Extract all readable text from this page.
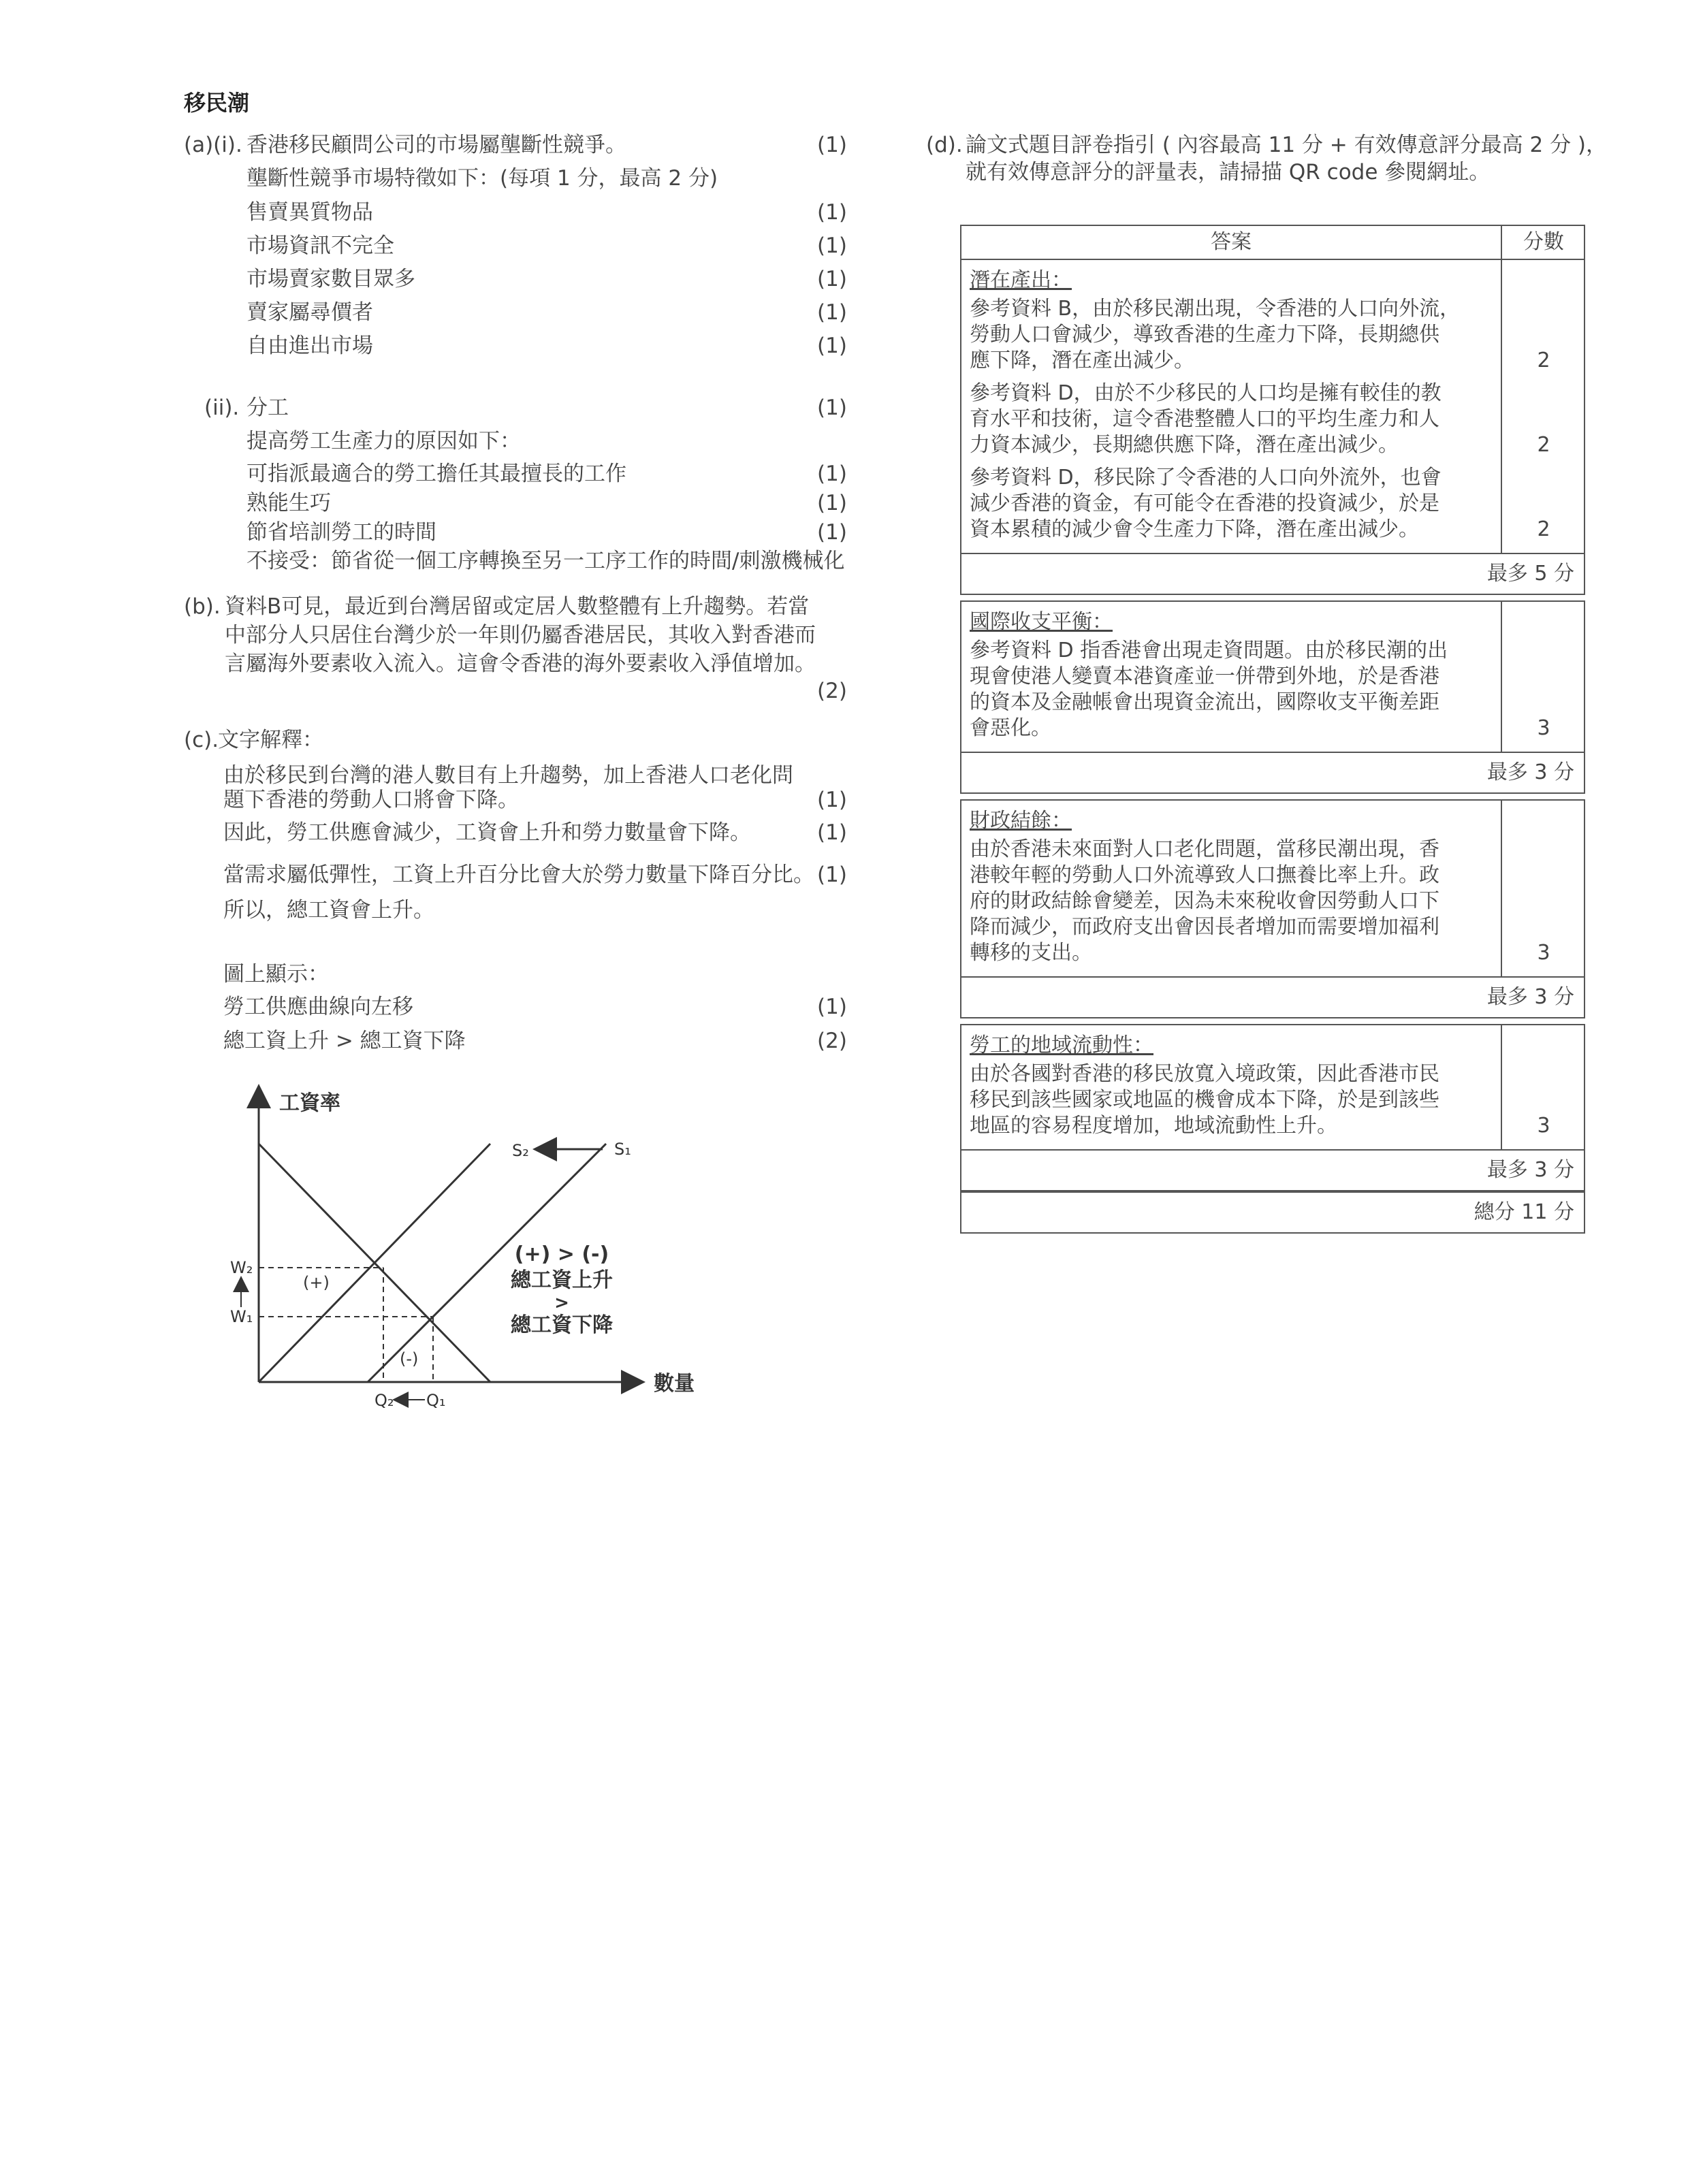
移民潮
(a)(i). 香港移民顧問公司的市場屬壟斷性競爭。	(1)
壟斷性競爭市場特徵如下：(每項 1 分，最高 2 分)
售賣異質物品	(1)
市場資訊不完全	(1)
市場賣家數目眾多	(1)
賣家屬尋價者	(1)
自由進出市場	(1)
(ii). 分工	(1)
提高勞工生產力的原因如下：
可指派最適合的勞工擔任其最擅長的工作	(1)
熟能生巧	(1)
節省培訓勞工的時間	(1)
不接受：節省從一個工序轉換至另一工序工作的時間/刺激機械化
(b). 資料B可見，最近到台灣居留或定居人數整體有上升趨勢。若當
中部分人只居住台灣少於一年則仍屬香港居民，其收入對香港而
言屬海外要素收入流入。這會令香港的海外要素收入淨值增加。
(2)
(c).
文字解釋：
由於移民到台灣的港人數目有上升趨勢，加上香港人口老化問
題下香港的勞動人口將會下降。	(1)
因此，勞工供應會減少，工資會上升和勞力數量會下降。	(1)
當需求屬低彈性，工資上升百分比會大於勞力數量下降百分比。 (1)
所以，總工資會上升。
圖上顯示：
勞工供應曲線向左移	(1)
總工資上升 > 總工資下降	(2)
工資率
數量
S₂	S₁
W₂
W₁
(+)
(-)
Q₂ Q₁
(+) > (-)
總工資上升
>
總工資下降
(d). 論文式題目評卷指引 ( 內容最高 11 分 + 有效傳意評分最高 2 分 )，
就有效傳意評分的評量表，請掃描 QR code 參閱網址。
答案	分數
潛在產出：
參考資料 B，由於移民潮出現，令香港的人口向外流，
勞動人口會減少，導致香港的生產力下降，長期總供
應下降，潛在產出減少。	2
參考資料 D，由於不少移民的人口均是擁有較佳的教
育水平和技術，這令香港整體人口的平均生產力和人
力資本減少，長期總供應下降，潛在產出減少。	2
參考資料 D，移民除了令香港的人口向外流外，也會
減少香港的資金，有可能令在香港的投資減少，於是
資本累積的減少會令生產力下降，潛在產出減少。	2
最多 5 分
國際收支平衡：
參考資料 D 指香港會出現走資問題。由於移民潮的出
現會使港人變賣本港資產並一併帶到外地，於是香港
的資本及金融帳會出現資金流出，國際收支平衡差距
會惡化。	3
最多 3 分
財政結餘：
由於香港未來面對人口老化問題，當移民潮出現，香
港較年輕的勞動人口外流導致人口撫養比率上升。政
府的財政結餘會變差，因為未來稅收會因勞動人口下
降而減少，而政府支出會因長者增加而需要增加福利
轉移的支出。	3
最多 3 分
勞工的地域流動性：
由於各國對香港的移民放寬入境政策，因此香港市民
移民到該些國家或地區的機會成本下降，於是到該些
地區的容易程度增加，地域流動性上升。	3
最多 3 分
總分 11 分
